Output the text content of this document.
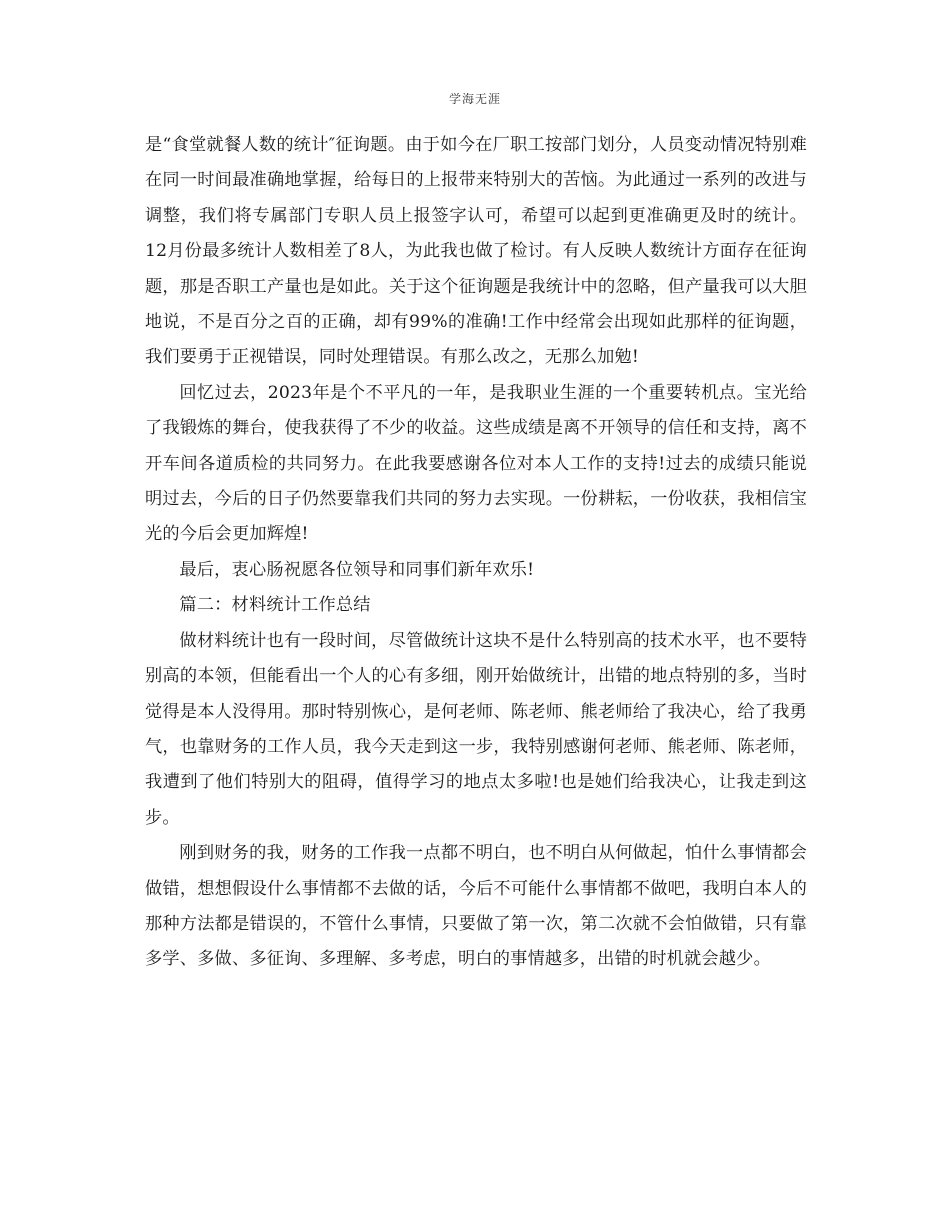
学海无涯

是“食堂就餐人数的统计″征询题。由于如今在厂职工按部门划分，人员变动情况特别难在同一时间最准确地掌握，给每日的上报带来特别大的苦恼。为此通过一系列的改进与调整，我们将专属部门专职人员上报签字认可，希望可以起到更准确更及时的统计。12月份最多统计人数相差了8人，为此我也做了检讨。有人反映人数统计方面存在征询题，那是否职工产量也是如此。关于这个征询题是我统计中的忽略，但产量我可以大胆地说，不是百分之百的正确，却有99%的准确!工作中经常会出现如此那样的征询题，我们要勇于正视错误，同时处理错误。有那么改之，无那么加勉!

回忆过去，2023年是个不平凡的一年，是我职业生涯的一个重要转机点。宝光给了我锻炼的舞台，使我获得了不少的收益。这些成绩是离不开领导的信任和支持，离不开车间各道质检的共同努力。在此我要感谢各位对本人工作的支持!过去的成绩只能说明过去，今后的日子仍然要靠我们共同的努力去实现。一份耕耘，一份收获，我相信宝光的今后会更加辉煌!

最后，衷心肠祝愿各位领导和同事们新年欢乐!

篇二：材料统计工作总结

做材料统计也有一段时间，尽管做统计这块不是什么特别高的技术水平，也不要特别高的本领，但能看出一个人的心有多细，刚开始做统计，出错的地点特别的多，当时觉得是本人没得用。那时特别恢心，是何老师、陈老师、熊老师给了我决心，给了我勇气，也靠财务的工作人员，我今天走到这一步，我特别感谢何老师、熊老师、陈老师，我遭到了他们特别大的阻碍，值得学习的地点太多啦!也是她们给我决心，让我走到这步。

刚到财务的我，财务的工作我一点都不明白，也不明白从何做起，怕什么事情都会做错，想想假设什么事情都不去做的话，今后不可能什么事情都不做吧，我明白本人的那种方法都是错误的，不管什么事情，只要做了第一次，第二次就不会怕做错，只有靠多学、多做、多征询、多理解、多考虑，明白的事情越多，出错的时机就会越少。
